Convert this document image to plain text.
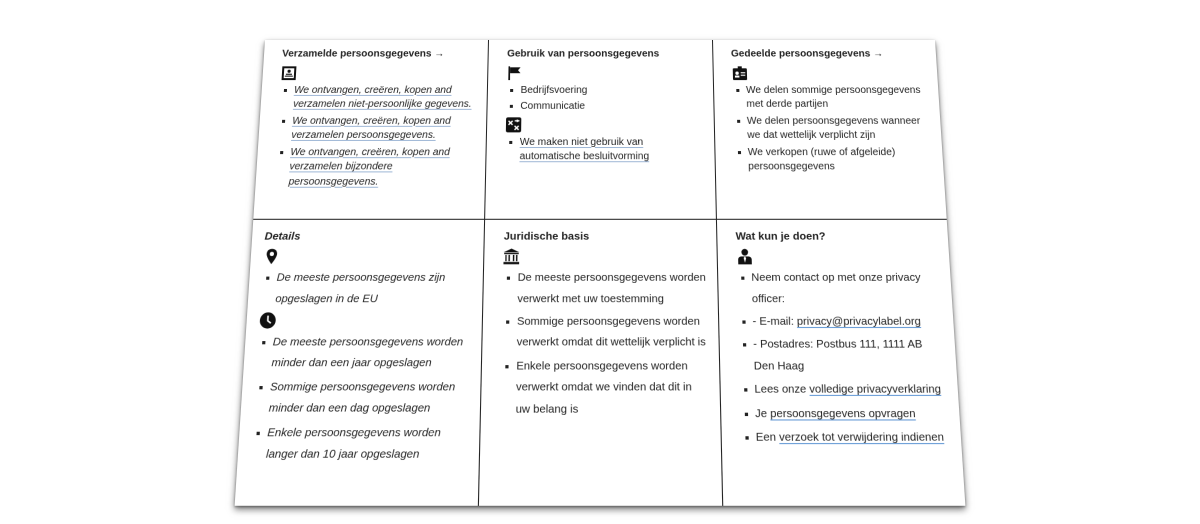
Verzamelde persoonsgegevens →
We ontvangen, creëren, kopen and verzamelen niet-persoonlijke gegevens.
We ontvangen, creëren, kopen and verzamelen persoonsgegevens.
We ontvangen, creëren, kopen and verzamelen bijzondere persoonsgegevens.
Gebruik van persoonsgegevens
Bedrijfsvoering
Communicatie
We maken niet gebruik van automatische besluitvorming
Gedeelde persoonsgegevens →
We delen sommige persoonsgegevens met derde partijen
We delen persoonsgegevens wanneer we dat wettelijk verplicht zijn
We verkopen (ruwe of afgeleide) persoonsgegevens
Details
De meeste persoonsgegevens zijn opgeslagen in de EU
De meeste persoonsgegevens worden minder dan een jaar opgeslagen
Sommige persoonsgegevens worden minder dan een dag opgeslagen
Enkele persoonsgegevens worden langer dan 10 jaar opgeslagen
Juridische basis
De meeste persoonsgegevens worden verwerkt met uw toestemming
Sommige persoonsgegevens worden verwerkt omdat dit wettelijk verplicht is
Enkele persoonsgegevens worden verwerkt omdat we vinden dat dit in uw belang is
Wat kun je doen?
Neem contact op met onze privacy officer:
- E-mail: privacy@privacylabel.org
- Postadres: Postbus 111, 1111 AB Den Haag
Lees onze volledige privacyverklaring
Je persoonsgegevens opvragen
Een verzoek tot verwijdering indienen
